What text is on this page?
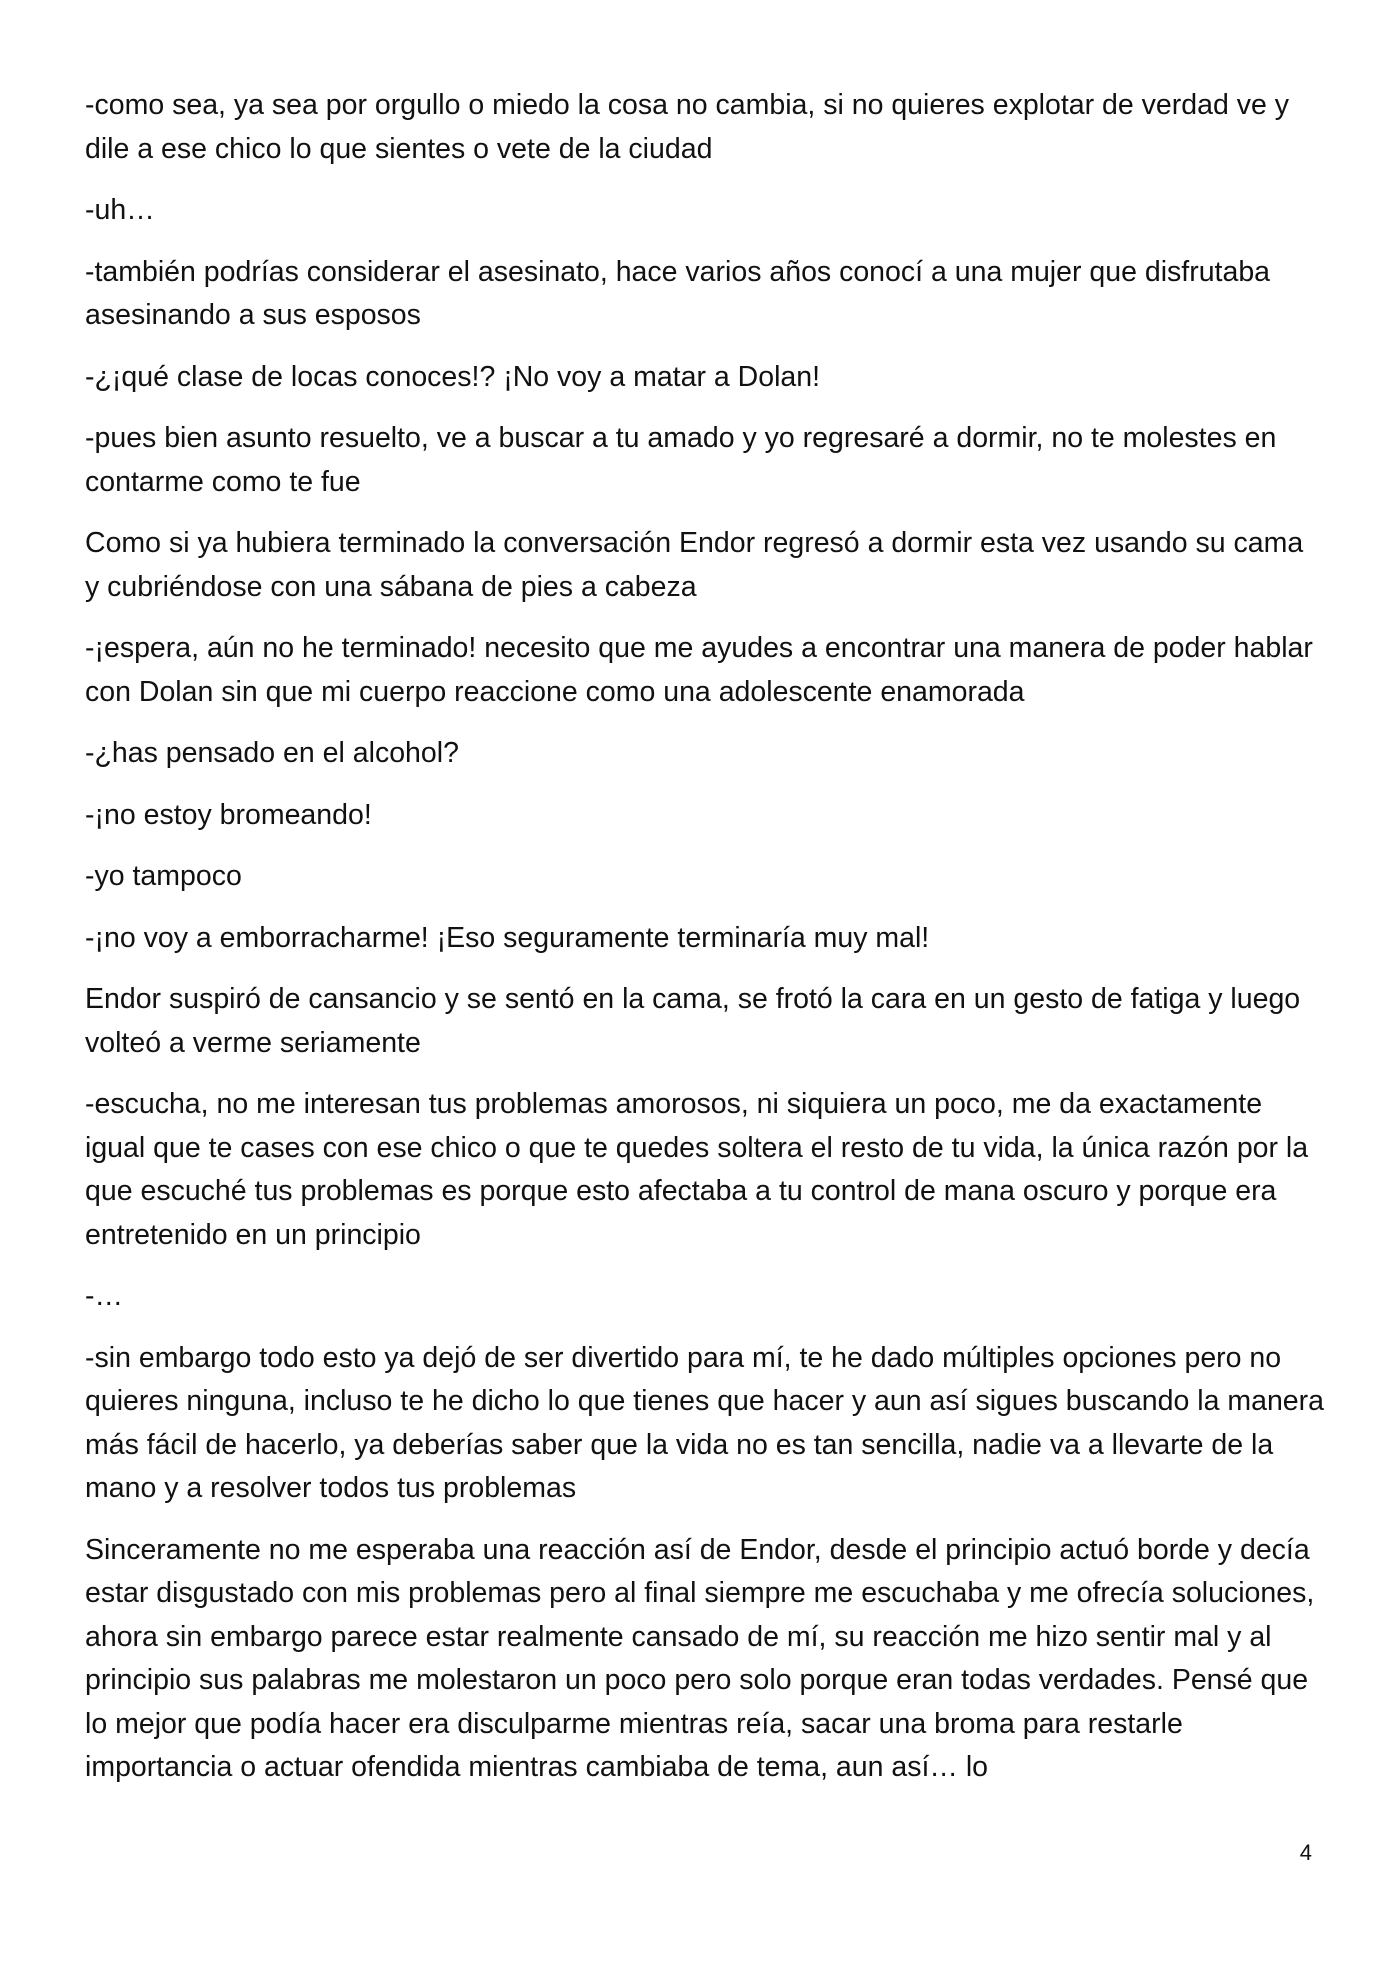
-como sea, ya sea por orgullo o miedo la cosa no cambia, si no quieres explotar de verdad ve y dile a ese chico lo que sientes o vete de la ciudad

-uh…

-también podrías considerar el asesinato, hace varios años conocí a una mujer que disfrutaba asesinando a sus esposos

-¿¡qué clase de locas conoces!? ¡No voy a matar a Dolan!

-pues bien asunto resuelto, ve a buscar a tu amado y yo regresaré a dormir, no te molestes en contarme como te fue

Como si ya hubiera terminado la conversación Endor regresó a dormir esta vez usando su cama y cubriéndose con una sábana de pies a cabeza

-¡espera, aún no he terminado! necesito que me ayudes a encontrar una manera de poder hablar con Dolan sin que mi cuerpo reaccione como una adolescente enamorada

-¿has pensado en el alcohol?

-¡no estoy bromeando!

-yo tampoco

-¡no voy a emborracharme! ¡Eso seguramente terminaría muy mal!

Endor suspiró de cansancio y se sentó en la cama, se frotó la cara en un gesto de fatiga y luego volteó a verme seriamente

-escucha, no me interesan tus problemas amorosos, ni siquiera un poco, me da exactamente igual que te cases con ese chico o que te quedes soltera el resto de tu vida, la única razón por la que escuché tus problemas es porque esto afectaba a tu control de mana oscuro y porque era entretenido en un principio

-…

-sin embargo todo esto ya dejó de ser divertido para mí, te he dado múltiples opciones pero no quieres ninguna, incluso te he dicho lo que tienes que hacer y aun así sigues buscando la manera más fácil de hacerlo, ya deberías saber que la vida no es tan sencilla, nadie va a llevarte de la mano y a resolver todos tus problemas

Sinceramente no me esperaba una reacción así de Endor, desde el principio actuó borde y decía estar disgustado con mis problemas pero al final siempre me escuchaba y me ofrecía soluciones, ahora sin embargo parece estar realmente cansado de mí, su reacción me hizo sentir mal y al principio sus palabras me molestaron un poco pero solo porque eran todas verdades. Pensé que lo mejor que podía hacer era disculparme mientras reía, sacar una broma para restarle importancia o actuar ofendida mientras cambiaba de tema, aun así… lo

4
